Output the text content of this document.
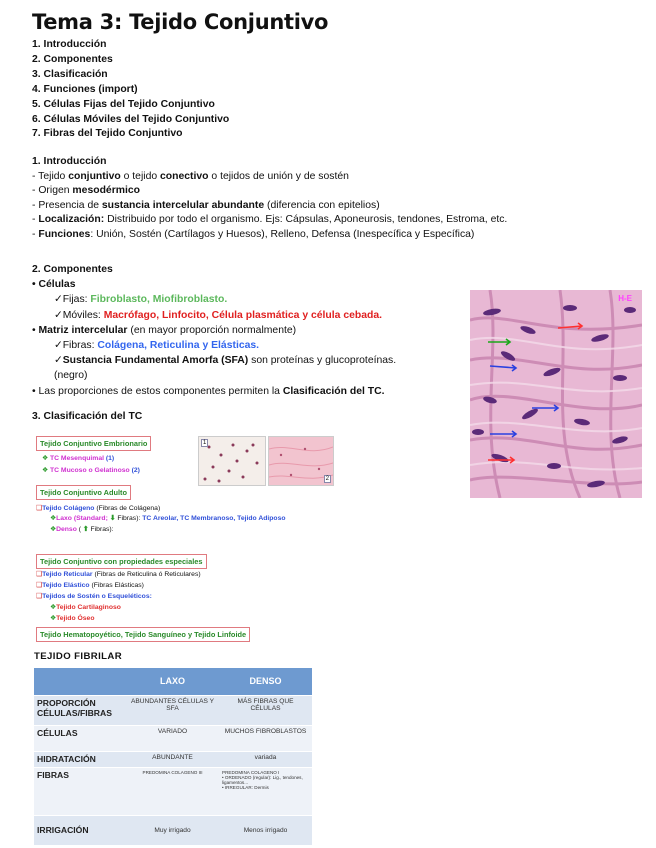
Tema 3: Tejido Conjuntivo
1. Introducción
2. Componentes
3. Clasificación
4. Funciones (import)
5. Células Fijas del Tejido Conjuntivo
6. Células Móviles del Tejido Conjuntivo
7. Fibras del Tejido Conjuntivo
1. Introducción
- Tejido conjuntivo o tejido conectivo o tejidos de unión y de sostén
- Origen mesodérmico
- Presencia de sustancia intercelular abundante (diferencia con epitelios)
- Localización: Distribuido por todo el organismo. Ejs: Cápsulas, Aponeurosis, tendones, Estroma, etc.
- Funciones: Unión, Sostén (Cartílagos y Huesos), Relleno, Defensa (Inespecífica y Específica)
2. Componentes
• Células
✓Fijas: Fibroblasto, Miofibroblasto.
✓Móviles: Macrófago, Linfocito, Célula plasmática y célula cebada.
• Matriz intercelular (en mayor proporción normalmente)
✓Fibras: Colágena, Reticulina y Elásticas.
✓Sustancia Fundamental Amorfa (SFA) son proteínas y glucoproteínas.
(negro)
• Las proporciones de estos componentes permiten la Clasificación del TC.
H-E
3. Clasificación del TC
Tejido Conjuntivo Embrionario
❖ TC Mesenquimal (1)
❖ TC Mucoso o Gelatinoso (2)
1
2
Tejido Conjuntivo Adulto
❑Tejido Colágeno (Fibras de Colágena)
❖Laxo (Standard; ⬇ Fibras): TC Areolar, TC Membranoso, Tejido Adiposo
❖Denso ( ⬆ Fibras):
Tejido Conjuntivo con propiedades especiales
❑Tejido Reticular (Fibras de Reticulina ó Reticulares)
❑Tejido Elástico (Fibras Elásticas)
❑Tejidos de Sostén o Esqueléticos:
❖Tejido Cartilaginoso
❖Tejido Óseo
Tejido Hematopoyético, Tejido Sanguíneo y Tejido Linfoide
TEJIDO FIBRILAR
	LAXO	DENSO
PROPORCIÓN CÉLULAS/FIBRAS	ABUNDANTES CÉLULAS Y SFA	MÁS FIBRAS QUE CÉLULAS
CÉLULAS	VARIADO	MUCHOS FIBROBLASTOS
HIDRATACIÓN	ABUNDANTE	variada
FIBRAS	PREDOMINA COLAGENO III	PREDOMINA COLAGENO I
• ORDENADO (regular): Lig., tendones, ligamentos...
• IRREGULAR: Dermis

IRRIGACIÓN	Muy irrigado	Menos irrigado
